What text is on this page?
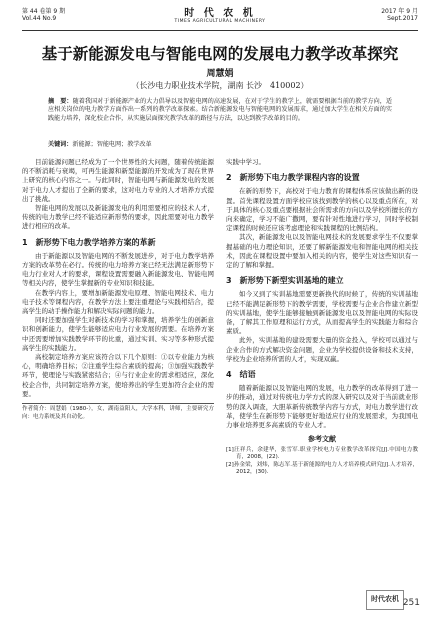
第 44 卷第 9 期
Vol.44 No.9	时 代 农 机
TIMES AGRICULTURAL MACHINERY
2017 年 9 月
Sept.2017
基于新能源发电与智能电网的发展电力教学改革探究
周慧娟
（长沙电力职业技术学院，湖南 长沙　410002）
摘　要：随着我国对于新能源产业的大力倡导以及智能电网的高速发展，在对于学生的教学上，就需要根据当前的教学方向，适应相关岗位的电力教学方面作出一系列的教学改革探索。结合新能源发电与智能电网的发展需求，通过加大学生在相关方面的实践能力培养，深化校企合作，从实施层面探究教学改革的路径与方法，以达到教学改革的目的。
关键词：新能源；智能电网；教学改革

目前能源问题已经成为了一个世界性的大问题，随着传统能源的不断消耗与衰竭，可再生能源和新型能源的开发成为了现在世界上研究的核心内容之一。与此同时，智能电网与新能源发电的发展对于电力人才提出了全新的要求，这对电力专业的人才培养方式提出了挑战。

智能电网的发展以及新能源发电的利用需要相应的技术人才，传统的电力教学已经不能适应新形势的要求，因此需要对电力教学进行相应的改革。

1　新形势下电力教学培养方案的革新

由于新能源以及智能电网的不断发展进步，对于电力教学培养方案的改革势在必行。传统的电力培养方案已经无法满足新形势下电力行业对人才的要求，课程设置需要融入新能源发电、智能电网等相关内容，使学生掌握新的专业知识和技能。

在教学内容上，要增加新能源发电原理、智能电网技术、电力电子技术等课程内容，在教学方法上要注重理论与实践相结合，提高学生的动手操作能力和解决实际问题的能力。

同时还要加强学生对新技术的学习和掌握，培养学生的创新意识和创新能力，使学生能够适应电力行业发展的需要。在培养方案中还需要增加实践教学环节的比重，通过实训、实习等多种形式提高学生的实践能力。

高校制定培养方案应该符合以下几个原则：①以专业能力为核心，明确培养目标；②注重学生综合素质的提高；③加强实践教学环节，使理论与实践紧密结合；④与行业企业的需求相适应，深化校企合作，共同制定培养方案，使培养出的学生更加符合企业的需要。

作者简介：周慧娟（1980-），女，湖南益阳人，大学本科，讲师，主要研究方向：电力系统及其自动化。

实践中学习。

2　新形势下电力教学课程内容的设置

在新的形势下，高校对于电力教育的课程体系应该做出新的设置。首先课程设置方面学校应该找到教学的核心以及重点所在，对于具体的核心及重点要根据社会所需求的方向以及学校所擅长的方向来确定，学习不能广撒网，要有针对性地进行学习，同时学校制定课程的时候还应该考虑理论和实践课程的比例结构。

其次，新能源发电以及智能电网技术的发展要求学生不仅要掌握基础的电力理论知识，还要了解新能源发电和智能电网的相关技术，因此在课程设置中要加入相关的内容，使学生对这些知识有一定的了解和掌握。

3　新形势下新型实训基地的建立

如今又到了实训基地需要更新换代的时候了，传统的实训基地已经不能满足新形势下的教学需要，学校需要与企业合作建立新型的实训基地，使学生能够接触到新能源发电以及智能电网的实际设备，了解其工作原理和运行方式，从而提高学生的实践能力和综合素质。

此外，实训基地的建设需要大量的资金投入，学校可以通过与企业合作的方式解决资金问题，企业为学校提供设备和技术支持，学校为企业培养所需的人才，实现双赢。

4　结语

随着新能源以及智能电网的发展，电力教学的改革得到了进一步的推动，通过对传统电力学方式的深入研究以及对于当前就业形势的深入调查，大胆革新传统教学内容与方式，对电力教学进行改革，使学生在新形势下能够更好地适应行业的发展需求，为我国电力事业培养更多高素质的专业人才。

参考文献
[1]汪祥兵，余建华，张雪军.职业学校电力专业教学改革探究[J].中国电力教育，2008，(22).
[2]孙金梁，刘炜，陈志军.基于新能源的电力人才培养模式研究[J].人才培养，2012，(30).
时代农机 251
